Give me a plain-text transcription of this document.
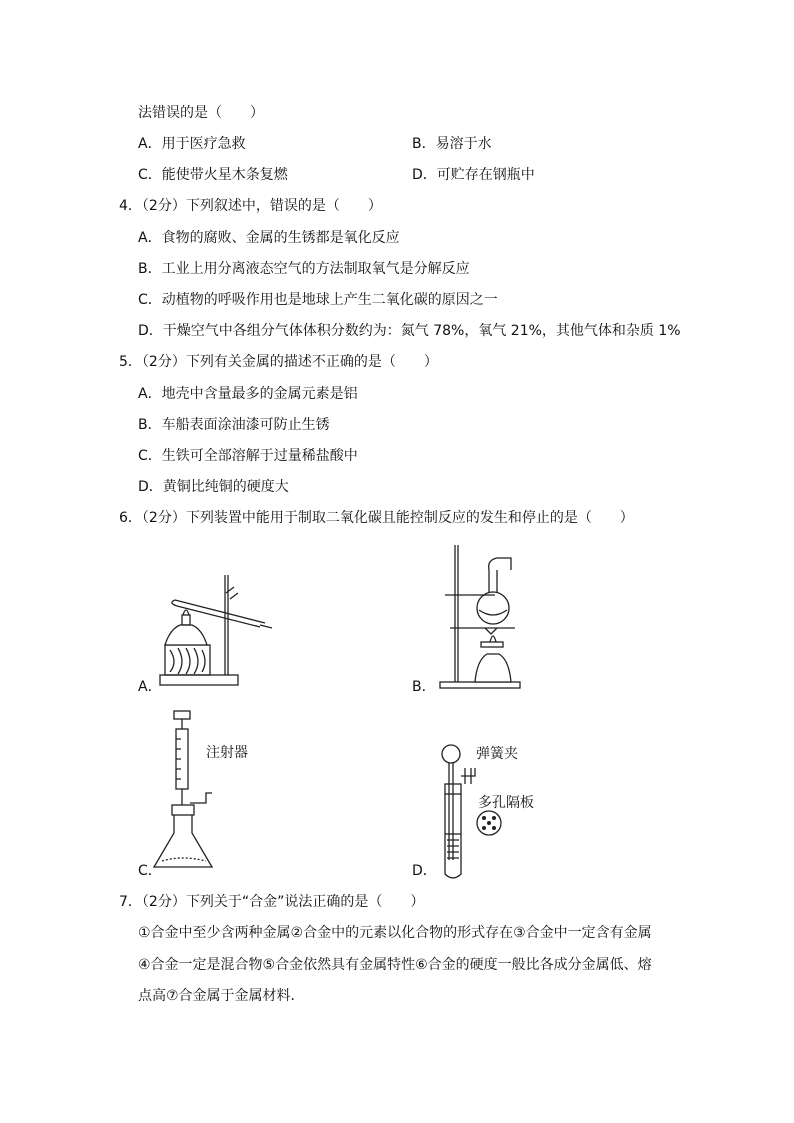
法错误的是（　　）
A．用于医疗急救	B．易溶于水
C．能使带火星木条复燃	D．可贮存在钢瓶中
4．（2分）下列叙述中，错误的是（　　）
A．食物的腐败、金属的生锈都是氧化反应
B．工业上用分离液态空气的方法制取氧气是分解反应
C．动植物的呼吸作用也是地球上产生二氧化碳的原因之一
D．干燥空气中各组分气体体积分数约为：氮气 78%，氧气 21%，其他气体和杂质 1%
5．（2分）下列有关金属的描述不正确的是（　　）
A．地壳中含量最多的金属元素是铝
B．车船表面涂油漆可防止生锈
C．生铁可全部溶解于过量稀盐酸中
D．黄铜比纯铜的硬度大
6．（2分）下列装置中能用于制取二氧化碳且能控制反应的发生和停止的是（　　）
A．	B．
注射器
C．
弹簧夹
多孔隔板
D．
7．（2分）下列关于“合金”说法正确的是（　　）
①合金中至少含两种金属②合金中的元素以化合物的形式存在③合金中一定含有金属
④合金一定是混合物⑤合金依然具有金属特性⑥合金的硬度一般比各成分金属低、熔
点高⑦合金属于金属材料．
